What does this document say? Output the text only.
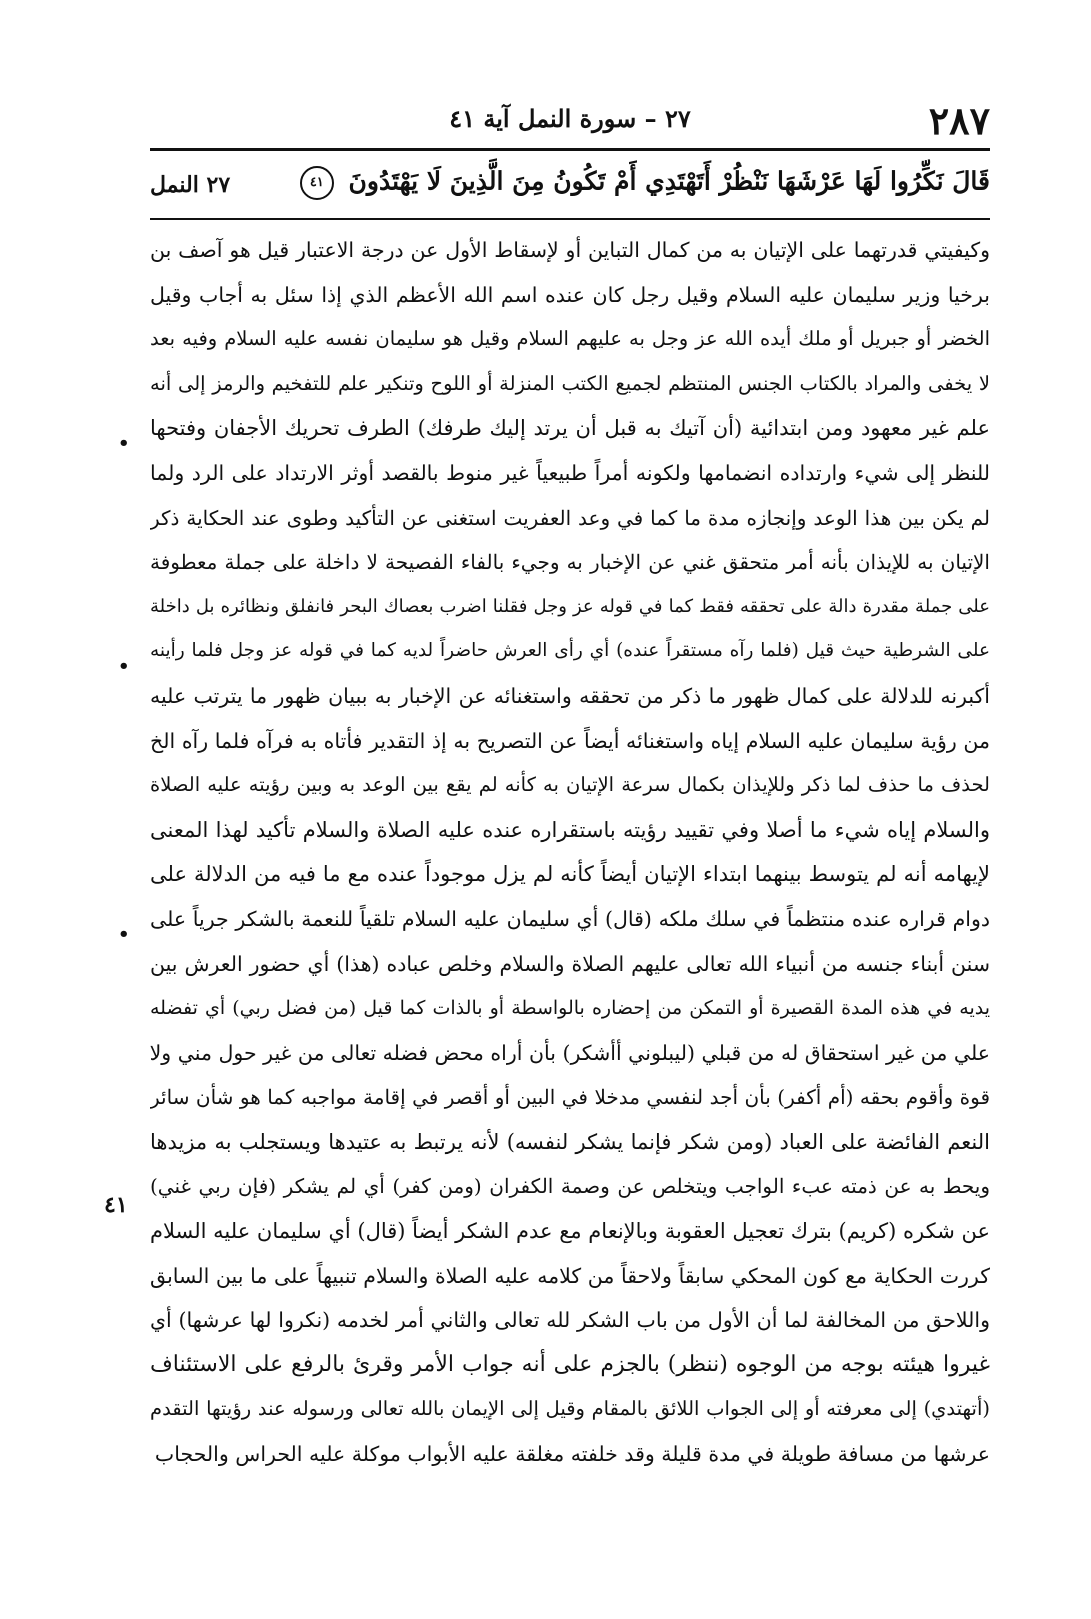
٢٨٧
٢٧ – سورة النمل آية ٤١
قَالَ نَكِّرُوا لَهَا عَرْشَهَا نَنْظُرْ أَتَهْتَدِي أَمْ تَكُونُ مِنَ الَّذِينَ لَا يَهْتَدُونَ ٤١
٢٧ النمل
وكيفيتي قدرتهما على الإتيان به من كمال التباين أو لإسقاط الأول عن درجة الاعتبار قيل هو آصف بن
برخيا وزير سليمان عليه السلام وقيل رجل كان عنده اسم الله الأعظم الذي إذا سئل به أجاب وقيل
الخضر أو جبريل أو ملك أيده الله عز وجل به عليهم السلام وقيل هو سليمان نفسه عليه السلام وفيه بعد
لا يخفى والمراد بالكتاب الجنس المنتظم لجميع الكتب المنزلة أو اللوح وتنكير علم للتفخيم والرمز إلى أنه
علم غير معهود ومن ابتدائية (أن آتيك به قبل أن يرتد إليك طرفك) الطرف تحريك الأجفان وفتحها
للنظر إلى شيء وارتداده انضمامها ولكونه أمراً طبيعياً غير منوط بالقصد أوثر الارتداد على الرد ولما
لم يكن بين هذا الوعد وإنجازه مدة ما كما في وعد العفريت استغنى عن التأكيد وطوى عند الحكاية ذكر
الإتيان به للإيذان بأنه أمر متحقق غني عن الإخبار به وجيء بالفاء الفصيحة لا داخلة على جملة معطوفة
على جملة مقدرة دالة على تحققه فقط كما في قوله عز وجل فقلنا اضرب بعصاك البحر فانفلق ونظائره بل داخلة
على الشرطية حيث قيل (فلما رآه مستقراً عنده) أي رأى العرش حاضراً لديه كما في قوله عز وجل فلما رأينه
أكبرنه للدلالة على كمال ظهور ما ذكر من تحققه واستغنائه عن الإخبار به ببيان ظهور ما يترتب عليه
من رؤية سليمان عليه السلام إياه واستغنائه أيضاً عن التصريح به إذ التقدير فأتاه به فرآه فلما رآه الخ
لحذف ما حذف لما ذكر وللإيذان بكمال سرعة الإتيان به كأنه لم يقع بين الوعد به وبين رؤيته عليه الصلاة
والسلام إياه شيء ما أصلا وفي تقييد رؤيته باستقراره عنده عليه الصلاة والسلام تأكيد لهذا المعنى
لإيهامه أنه لم يتوسط بينهما ابتداء الإتيان أيضاً كأنه لم يزل موجوداً عنده مع ما فيه من الدلالة على
دوام قراره عنده منتظماً في سلك ملكه (قال) أي سليمان عليه السلام تلقياً للنعمة بالشكر جرياً على
سنن أبناء جنسه من أنبياء الله تعالى عليهم الصلاة والسلام وخلص عباده (هذا) أي حضور العرش بين
يديه في هذه المدة القصيرة أو التمكن من إحضاره بالواسطة أو بالذات كما قيل (من فضل ربي) أي تفضله
علي من غير استحقاق له من قبلي (ليبلوني أأشكر) بأن أراه محض فضله تعالى من غير حول مني ولا
قوة وأقوم بحقه (أم أكفر) بأن أجد لنفسي مدخلا في البين أو أقصر في إقامة مواجبه كما هو شأن سائر
النعم الفائضة على العباد (ومن شكر فإنما يشكر لنفسه) لأنه يرتبط به عتيدها ويستجلب به مزيدها
ويحط به عن ذمته عبء الواجب ويتخلص عن وصمة الكفران (ومن كفر) أي لم يشكر (فإن ربي غني)
عن شكره (كريم) بترك تعجيل العقوبة وبالإنعام مع عدم الشكر أيضاً (قال) أي سليمان عليه السلام
كررت الحكاية مع كون المحكي سابقاً ولاحقاً من كلامه عليه الصلاة والسلام تنبيهاً على ما بين السابق
واللاحق من المخالفة لما أن الأول من باب الشكر لله تعالى والثاني أمر لخدمه (نكروا لها عرشها) أي
غيروا هيئته بوجه من الوجوه (ننظر) بالجزم على أنه جواب الأمر وقرئ بالرفع على الاستئناف
(أتهتدي) إلى معرفته أو إلى الجواب اللائق بالمقام وقيل إلى الإيمان بالله تعالى ورسوله عند رؤيتها التقدم
عرشها من مسافة طويلة في مدة قليلة وقد خلفته مغلقة عليه الأبواب موكلة عليه الحراس والحجاب
•
•
•
٤١
